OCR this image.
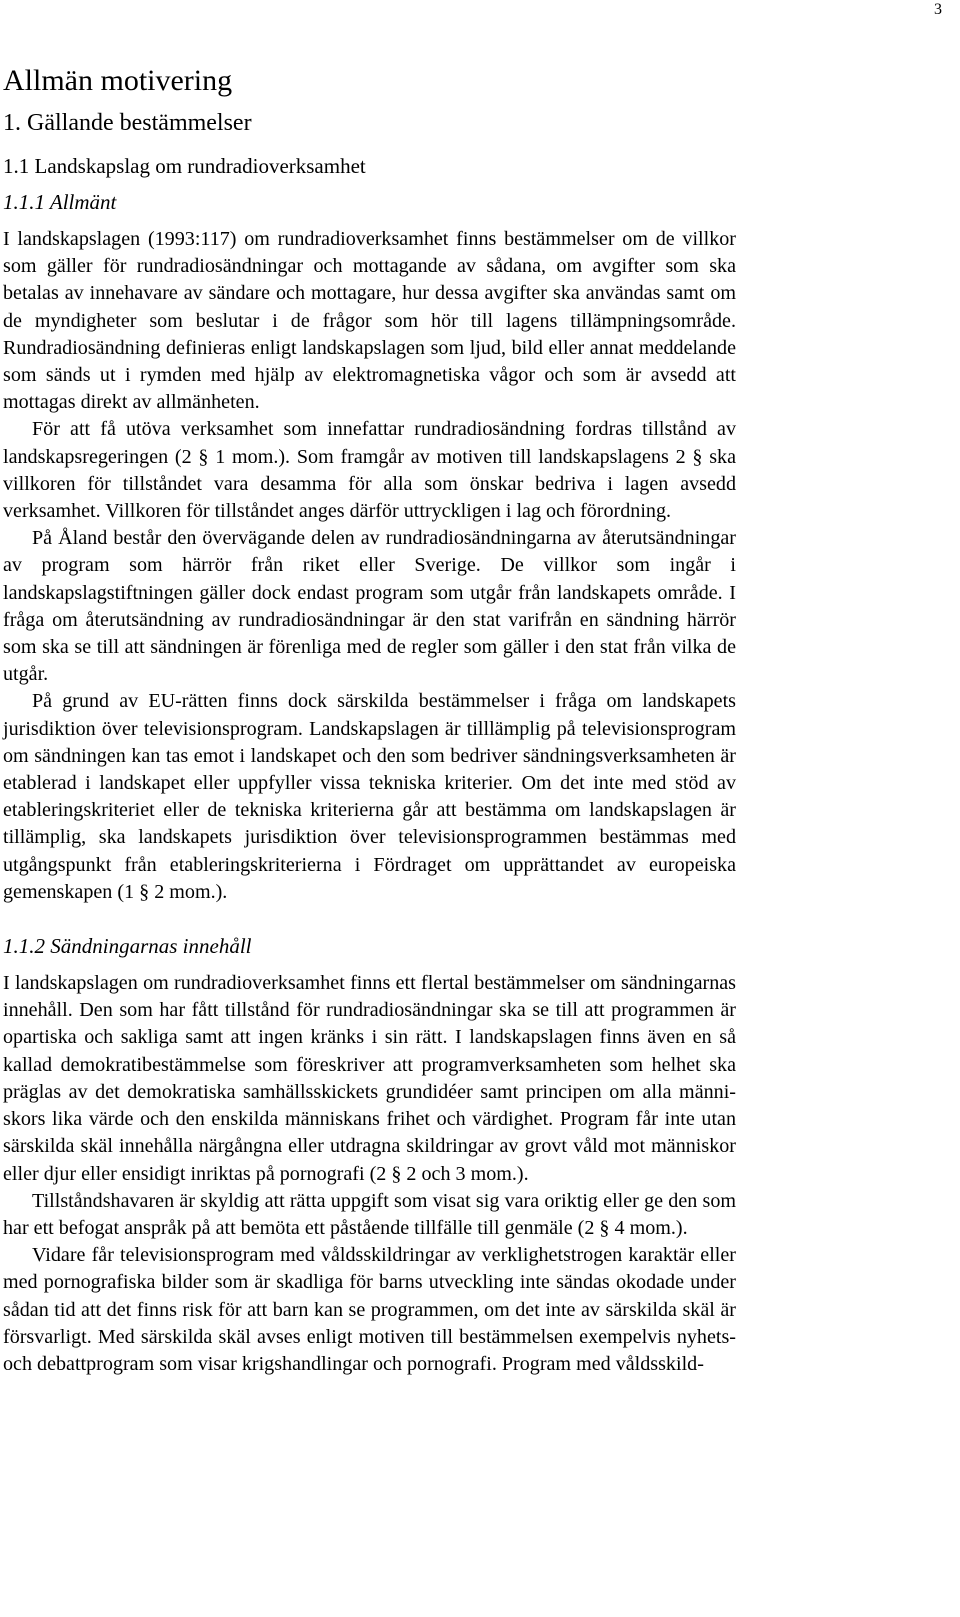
3
Allmän motivering
1. Gällande bestämmelser
1.1 Landskapslag om rundradioverksamhet
1.1.1 Allmänt

I landskapslagen (1993:117) om rundradioverksamhet finns bestämmelser om de villkor som gäller för rundradiosändningar och mottagande av sådana, om avgifter som ska betalas av innehavare av sändare och mottagare, hur dessa avgifter ska användas samt om de myndigheter som beslutar i de frågor som hör till lagens tillämpningsområde. Rundradiosändning definieras enligt landskapslagen som ljud, bild eller annat meddelande som sänds ut i rymden med hjälp av elektromagnetiska vågor och som är avsedd att mottagas direkt av allmänheten.

För att få utöva verksamhet som innefattar rundradiosändning fordras tillstånd av landskapsregeringen (2 § 1 mom.). Som framgår av motiven till landskapslagens 2 § ska villkoren för tillståndet vara desamma för alla som önskar bedriva i lagen avsedd verksamhet. Villkoren för tillståndet anges därför uttryckligen i lag och förordning.

På Åland består den övervägande delen av rundradiosändningarna av återutsändningar av program som härrör från riket eller Sverige. De villkor som ingår i landskapslagstiftningen gäller dock endast program som utgår från landskapets område. I fråga om återutsändning av rundradiosändningar är den stat varifrån en sändning härrör som ska se till att sändningen är förenliga med de regler som gäller i den stat från vilka de utgår.

På grund av EU-rätten finns dock särskilda bestämmelser i fråga om landskapets jurisdiktion över televisionsprogram. Landskapslagen är tilllämplig på televisionsprogram om sändningen kan tas emot i landskapet och den som bedriver sändningsverksamheten är etablerad i landskapet eller uppfyller vissa tekniska kriterier. Om det inte med stöd av etableringskriteriet eller de tekniska kriterierna går att bestämma om landskapslagen är tillämplig, ska landskapets jurisdiktion över televisionsprogrammen bestämmas med utgångspunkt från etableringskriterierna i Fördraget om upprättandet av europeiska gemenskapen (1 § 2 mom.).

1.1.2 Sändningarnas innehåll

I landskapslagen om rundradioverksamhet finns ett flertal bestämmelser om sändningarnas innehåll. Den som har fått tillstånd för rundradiosändningar ska se till att programmen är opartiska och sakliga samt att ingen kränks i sin rätt. I landskapslagen finns även en så kallad demokratibestämmelse som föreskriver att programverksamheten som helhet ska präglas av det demokratiska samhällsskickets grundidéer samt principen om alla människors lika värde och den enskilda människans frihet och värdighet. Program får inte utan särskilda skäl innehålla närgångna eller utdragna skildringar av grovt våld mot människor eller djur eller ensidigt inriktas på pornografi (2 § 2 och 3 mom.).

Tillståndshavaren är skyldig att rätta uppgift som visat sig vara oriktig eller ge den som har ett befogat anspråk på att bemöta ett påstående tillfälle till genmäle (2 § 4 mom.).

Vidare får televisionsprogram med våldsskildringar av verklighetstrogen karaktär eller med pornografiska bilder som är skadliga för barns utveckling inte sändas okodade under sådan tid att det finns risk för att barn kan se programmen, om det inte av särskilda skäl är försvarligt. Med särskilda skäl avses enligt motiven till bestämmelsen exempelvis nyhets- och debattprogram som visar krigshandlingar och pornografi. Program med våldsskild-
